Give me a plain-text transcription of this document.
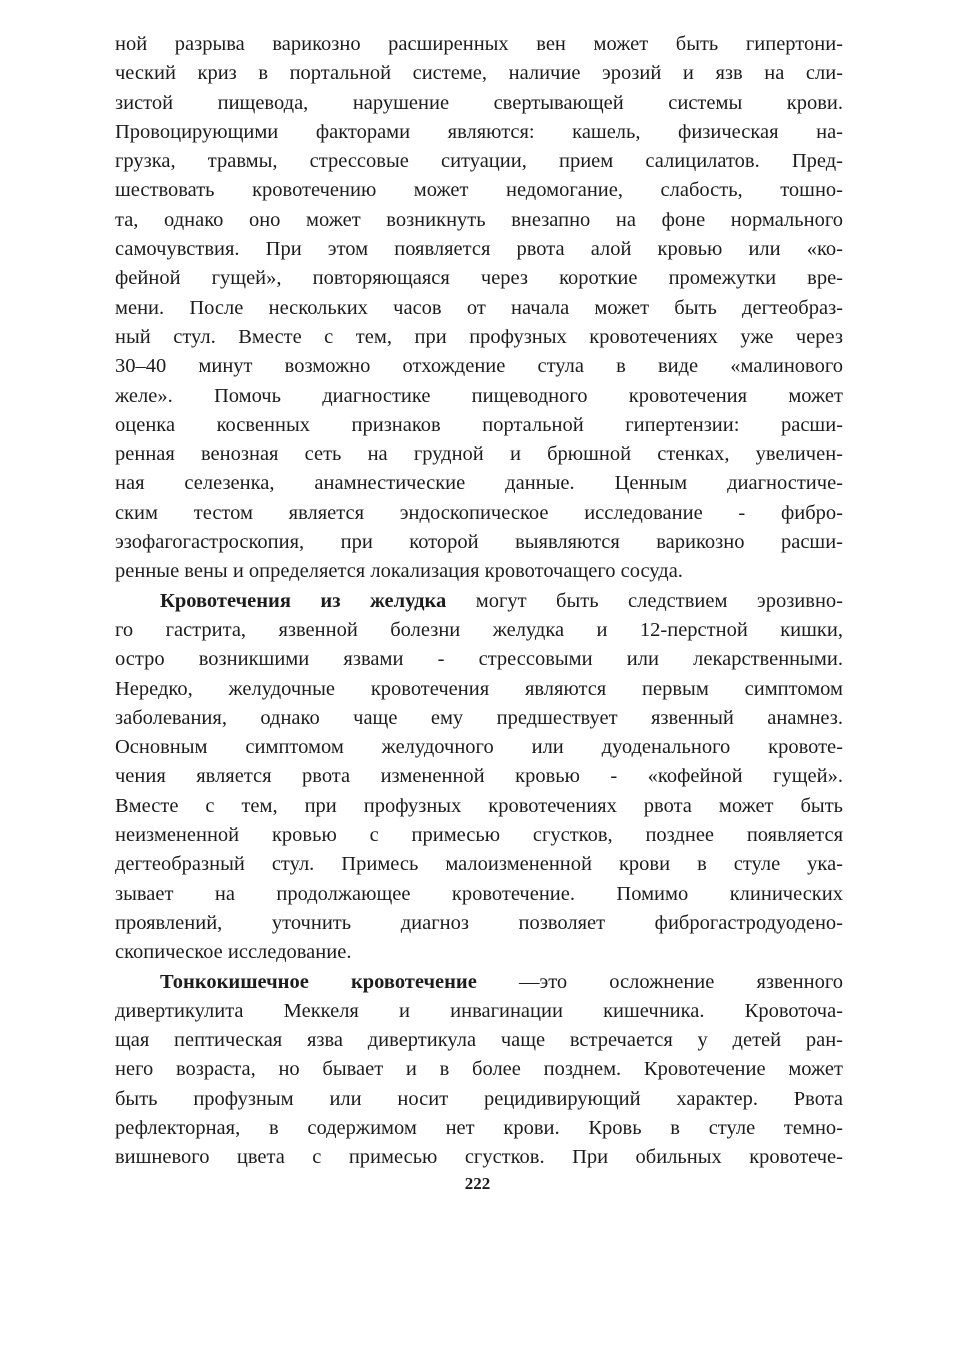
ной разрыва варикозно расширенных вен может быть гипертони-
ческий криз в портальной системе, наличие эрозий и язв на сли-
зистой пищевода, нарушение свертывающей системы крови.
Провоцирующими факторами являются: кашель, физическая на-
грузка, травмы, стрессовые ситуации, прием салицилатов. Пред-
шествовать кровотечению может недомогание, слабость, тошно-
та, однако оно может возникнуть внезапно на фоне нормального
самочувствия. При этом появляется рвота алой кровью или «ко-
фейной гущей», повторяющаяся через короткие промежутки вре-
мени. После нескольких часов от начала может быть дегтеобраз-
ный стул. Вместе с тем, при профузных кровотечениях уже через
30–40 минут возможно отхождение стула в виде «малинового
желе». Помочь диагностике пищеводного кровотечения может
оценка косвенных признаков портальной гипертензии: расши-
ренная венозная сеть на грудной и брюшной стенках, увеличен-
ная селезенка, анамнестические данные. Ценным диагностиче-
ским тестом является эндоскопическое исследование - фибро-
эзофагогастроскопия, при которой выявляются варикозно расши-
ренные вены и определяется локализация кровоточащего сосуда.
Кровотечения из желудка могут быть следствием эрозивно-
го гастрита, язвенной болезни желудка и 12-перстной кишки,
остро возникшими язвами - стрессовыми или лекарственными.
Нередко, желудочные кровотечения являются первым симптомом
заболевания, однако чаще ему предшествует язвенный анамнез.
Основным симптомом желудочного или дуоденального кровоте-
чения является рвота измененной кровью - «кофейной гущей».
Вместе с тем, при профузных кровотечениях рвота может быть
неизмененной кровью с примесью сгустков, позднее появляется
дегтеобразный стул. Примесь малоизмененной крови в стуле ука-
зывает на продолжающее кровотечение. Помимо клинических
проявлений, уточнить диагноз позволяет фиброгастродуодено-
скопическое исследование.
Тонкокишечное кровотечение —это осложнение язвенного
дивертикулита Меккеля и инвагинации кишечника. Кровоточа-
щая пептическая язва дивертикула чаще встречается у детей ран-
него возраста, но бывает и в более позднем. Кровотечение может
быть профузным или носит рецидивирующий характер. Рвота
рефлекторная, в содержимом нет крови. Кровь в стуле темно-
вишневого цвета с примесью сгустков. При обильных кровотече-
222
